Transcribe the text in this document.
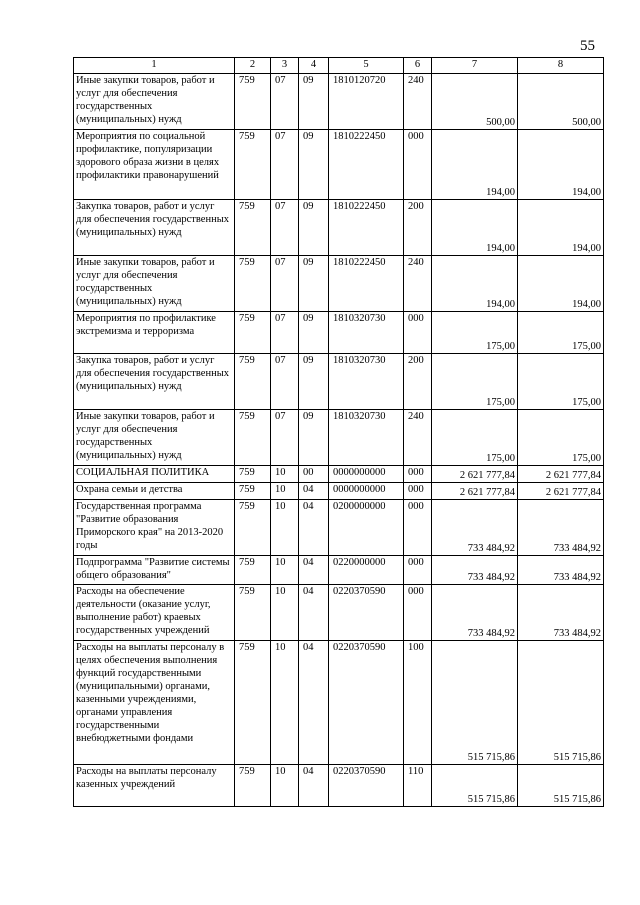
55
1	2	3	4	5	6	7	8
Иные закупки товаров, работ и услуг для обеспечения государственных (муниципальных) нужд	759	07	09	1810120720	240	500,00	500,00
Мероприятия по социальной профилактике, популяризации здорового образа жизни в целях профилактики правонарушений	759	07	09	1810222450	000	194,00	194,00
Закупка товаров, работ и услуг для обеспечения государственных (муниципальных) нужд	759	07	09	1810222450	200	194,00	194,00
Иные закупки товаров, работ и услуг для обеспечения государственных (муниципальных) нужд	759	07	09	1810222450	240	194,00	194,00
Мероприятия по профилактике экстремизма и терроризма	759	07	09	1810320730	000	175,00	175,00
Закупка товаров, работ и услуг для обеспечения государственных (муниципальных) нужд	759	07	09	1810320730	200	175,00	175,00
Иные закупки товаров, работ и услуг для обеспечения государственных (муниципальных) нужд	759	07	09	1810320730	240	175,00	175,00
СОЦИАЛЬНАЯ ПОЛИТИКА	759	10	00	0000000000	000	2 621 777,84	2 621 777,84
Охрана семьи и детства	759	10	04	0000000000	000	2 621 777,84	2 621 777,84
Государственная программа "Развитие образования Приморского края" на 2013-2020 годы	759	10	04	0200000000	000	733 484,92	733 484,92
Подпрограмма "Развитие системы общего образования"	759	10	04	0220000000	000	733 484,92	733 484,92
Расходы на обеспечение деятельности (оказание услуг, выполнение работ) краевых государственных учреждений	759	10	04	0220370590	000	733 484,92	733 484,92
Расходы на выплаты персоналу в целях обеспечения выполнения функций государственными (муниципальными) органами, казенными учреждениями, органами управления государственными внебюджетными фондами	759	10	04	0220370590	100	515 715,86	515 715,86
Расходы на выплаты персоналу казенных учреждений	759	10	04	0220370590	110	515 715,86	515 715,86
